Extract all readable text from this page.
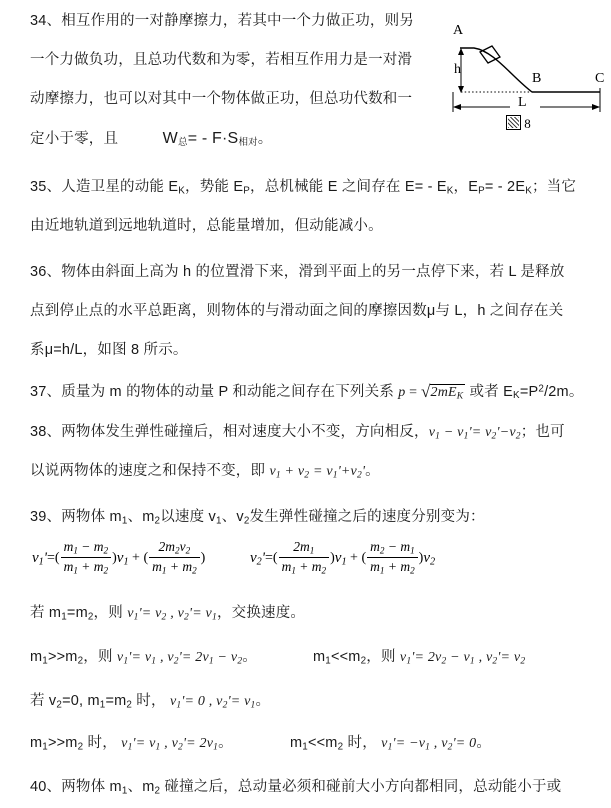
34、相互作用的一对静摩擦力，若其中一个力做正功，则另
一个力做负功，且总功代数和为零，若相互作用力是一对滑
动摩擦力，也可以对其中一个物体做正功，但总功代数和一
定小于零，且	W总= - F·S相对。
A
h
B	C
L
8
35、人造卫星的动能 $E_K$，势能 $E_P$，总机械能 E 之间存在 $E= - E_K$，$E_P= - 2E_K$；当它
由近地轨道到远地轨道时，总能量增加，但动能减小。
36、物体由斜面上高为 h 的位置滑下来，滑到平面上的另一点停下来，若 L 是释放
点到停止点的水平总距离，则物体的与滑动面之间的摩擦因数μ与 L，h 之间存在关
系μ=h/L，如图 8 所示。
37、质量为 m 的物体的动量 P 和动能之间存在下列关系 $p = √2mE_K$ 或者 $E_K=P^2/2m$。
38、两物体发生弹性碰撞后，相对速度大小不变，方向相反，$v_1 - v_1'= v_2'-v_2$；也可
以说两物体的速度之和保持不变，即 $v_1 + v_2 = v_1'+v_2'$。
39、两物体 $m_1$、$m_2$以速度 $v_1$、$v_2$发生弹性碰撞之后的速度分别变为：
$v_1'=( \frac{m_1 - m_2}{m_1 + m_2} )v_1$ + ( $\frac{2m_2v_2}{m_1 + m_2}$ )	$v_2'=( \frac{2m_1}{m_1 + m_2} )v_1$ + ( $\frac{m_2 - m_1}{m_1 + m_2} )v_2$
若 $m_1=m_2$，则 $v_1'= v_2$ , $v_2'= v_1$，交换速度。
$m_1>>m_2$，则 $v_1'= v_1$ , $v_2'= 2v_1 - v_2$。	$m_1<<m_2$，则 $v_1'= 2v_2 - v_1$ , $v_2'= v_2$
若 $v_2=0$, $m_1=m_2$ 时， $v_1'= 0$ , $v_2'= v_1$。
$m_1>>m_2$ 时， $v_1'= v_1$ , $v_2'= 2v_1$。	$m_1<<m_2$ 时， $v_1'= -v_1$ , $v_2'= 0$。
40、两物体 $m_1$、$m_2$ 碰撞之后，总动量必须和碰前大小方向都相同，总动能小于或
